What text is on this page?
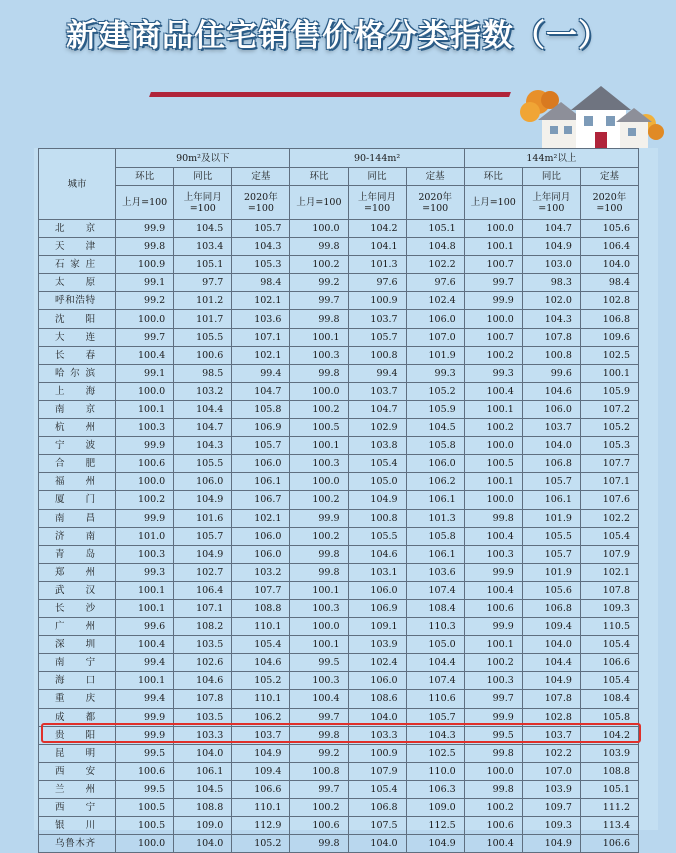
新建商品住宅销售价格分类指数（一）
城市	90m²及以下			90-144m²			144m²以上		
	环比	同比	定基	环比	同比	定基	环比	同比	定基
	上月=100	上年同月=100	2020年=100	上月=100	上年同月=100	2020年=100	上月=100	上年同月=100	2020年=100
北京	99.9	104.5	105.7	100.0	104.2	105.1	100.0	104.7	105.6
天津	99.8	103.4	104.3	99.8	104.1	104.8	100.1	104.9	106.4
石家庄	100.9	105.1	105.3	100.2	101.3	102.2	100.7	103.0	104.0
太原	99.1	97.7	98.4	99.2	97.6	97.6	99.7	98.3	98.4
呼和浩特	99.2	101.2	102.1	99.7	100.9	102.4	99.9	102.0	102.8
沈阳	100.0	101.7	103.6	99.8	103.7	106.0	100.0	104.3	106.8
大连	99.7	105.5	107.1	100.1	105.7	107.0	100.7	107.8	109.6
长春	100.4	100.6	102.1	100.3	100.8	101.9	100.2	100.8	102.5
哈尔滨	99.1	98.5	99.4	99.8	99.4	99.3	99.3	99.6	100.1
上海	100.0	103.2	104.7	100.0	103.7	105.2	100.4	104.6	105.9
南京	100.1	104.4	105.8	100.2	104.7	105.9	100.1	106.0	107.2
杭州	100.3	104.7	106.9	100.5	102.9	104.5	100.2	103.7	105.2
宁波	99.9	104.3	105.7	100.1	103.8	105.8	100.0	104.0	105.3
合肥	100.6	105.5	106.0	100.3	105.4	106.0	100.5	106.8	107.7
福州	100.0	106.0	106.1	100.0	105.0	106.2	100.1	105.7	107.1
厦门	100.2	104.9	106.7	100.2	104.9	106.1	100.0	106.1	107.6
南昌	99.9	101.6	102.1	99.9	100.8	101.3	99.8	101.9	102.2
济南	101.0	105.7	106.0	100.2	105.5	105.8	100.4	105.5	105.4
青岛	100.3	104.9	106.0	99.8	104.6	106.1	100.3	105.7	107.9
郑州	99.3	102.7	103.2	99.8	103.1	103.6	99.9	101.9	102.1
武汉	100.1	106.4	107.7	100.1	106.0	107.4	100.4	105.6	107.8
长沙	100.1	107.1	108.8	100.3	106.9	108.4	100.6	106.8	109.3
广州	99.6	108.2	110.1	100.0	109.1	110.3	99.9	109.4	110.5
深圳	100.4	103.5	105.4	100.1	103.9	105.0	100.1	104.0	105.4
南宁	99.4	102.6	104.6	99.5	102.4	104.4	100.2	104.4	106.6
海口	100.1	104.6	105.2	100.3	106.0	107.4	100.3	104.9	105.4
重庆	99.4	107.8	110.1	100.4	108.6	110.6	99.7	107.8	108.4
成都	99.9	103.5	106.2	99.7	104.0	105.7	99.9	102.8	105.8
贵阳	99.9	103.3	103.7	99.8	103.3	104.3	99.5	103.7	104.2
昆明	99.5	104.0	104.9	99.2	100.9	102.5	99.8	102.2	103.9
西安	100.6	106.1	109.4	100.8	107.9	110.0	100.0	107.0	108.8
兰州	99.5	104.5	106.6	99.7	105.4	106.3	99.8	103.9	105.1
西宁	100.5	108.8	110.1	100.2	106.8	109.0	100.2	109.7	111.2
银川	100.5	109.0	112.9	100.6	107.5	112.5	100.6	109.3	113.4
乌鲁木齐	100.0	104.0	105.2	99.8	104.0	104.9	100.4	104.9	106.6
